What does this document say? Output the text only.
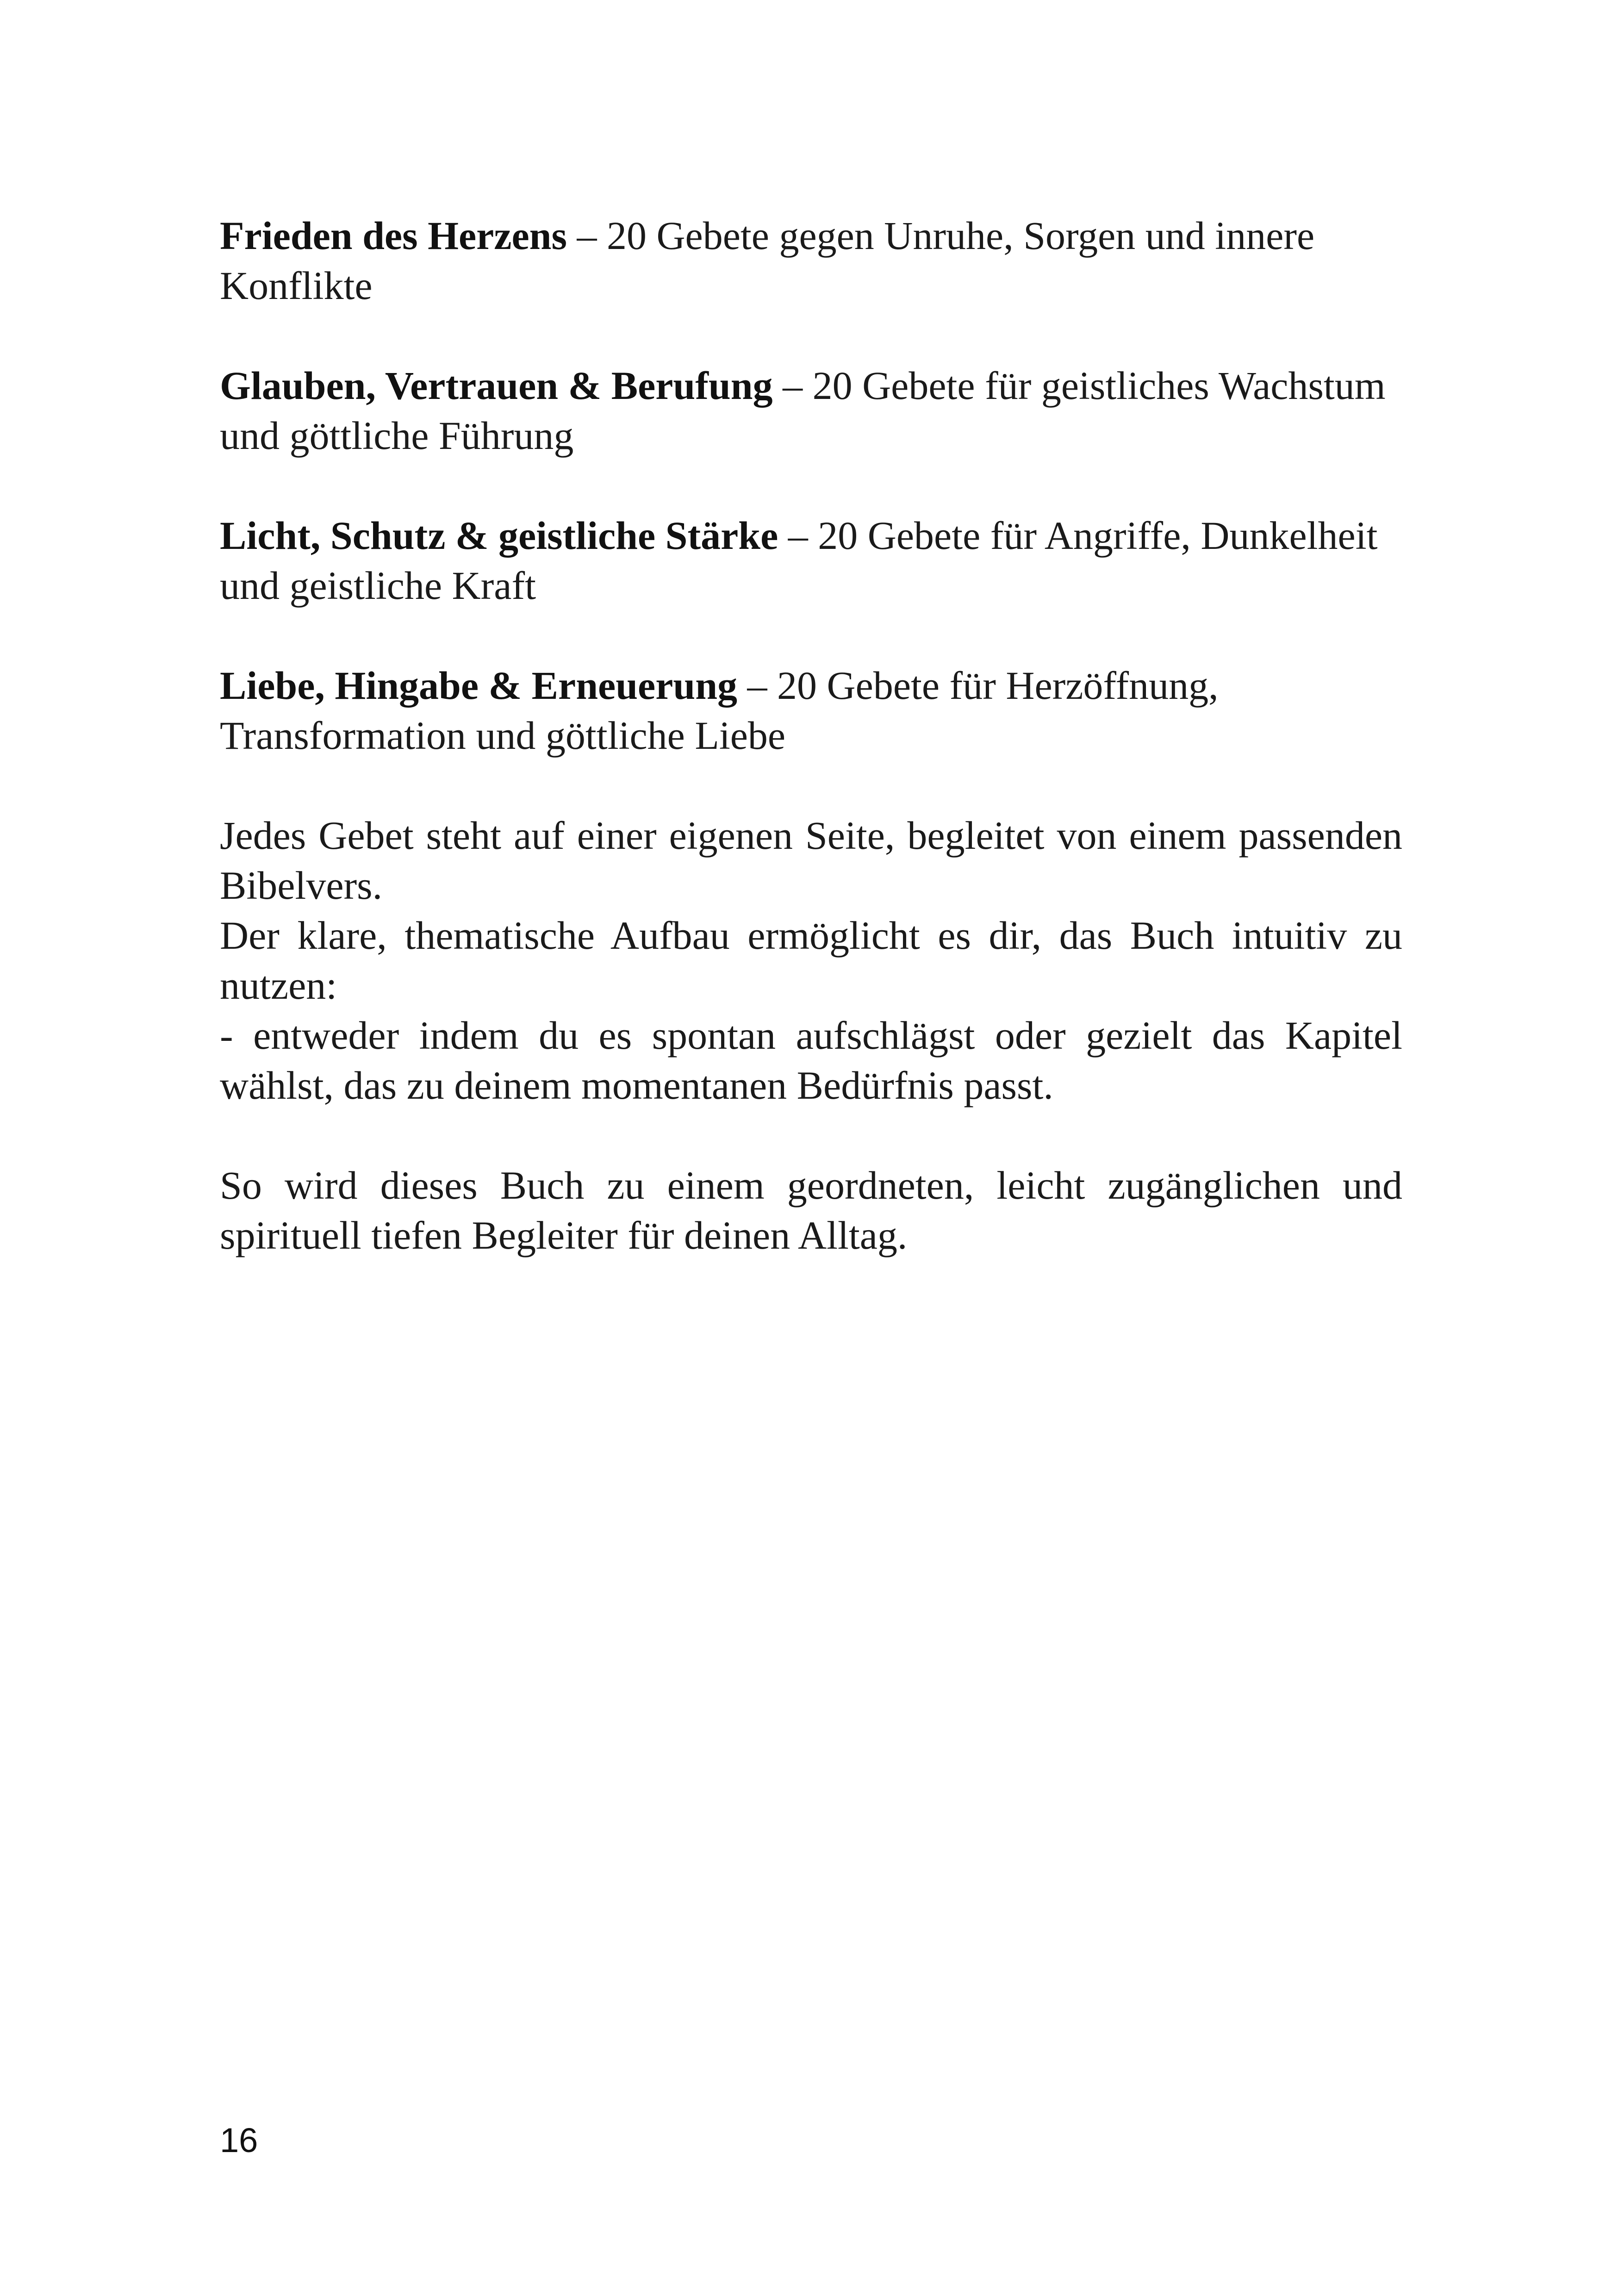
Frieden des Herzens – 20 Gebete gegen Unruhe, Sorgen und innere Konflikte

Glauben, Vertrauen & Berufung – 20 Gebete für geistliches Wachstum und göttliche Führung

Licht, Schutz & geistliche Stärke – 20 Gebete für Angriffe, Dunkelheit und geistliche Kraft

Liebe, Hingabe & Erneuerung – 20 Gebete für Herzöffnung, Transformation und göttliche Liebe

Jedes Gebet steht auf einer eigenen Seite, begleitet von einem passenden Bibelvers.

Der klare, thematische Aufbau ermöglicht es dir, das Buch intuitiv zu nutzen:

- entweder indem du es spontan aufschlägst oder gezielt das Kapitel wählst, das zu deinem momentanen Bedürfnis passt.

So wird dieses Buch zu einem geordneten, leicht zugänglichen und spirituell tiefen Begleiter für deinen Alltag.

16
